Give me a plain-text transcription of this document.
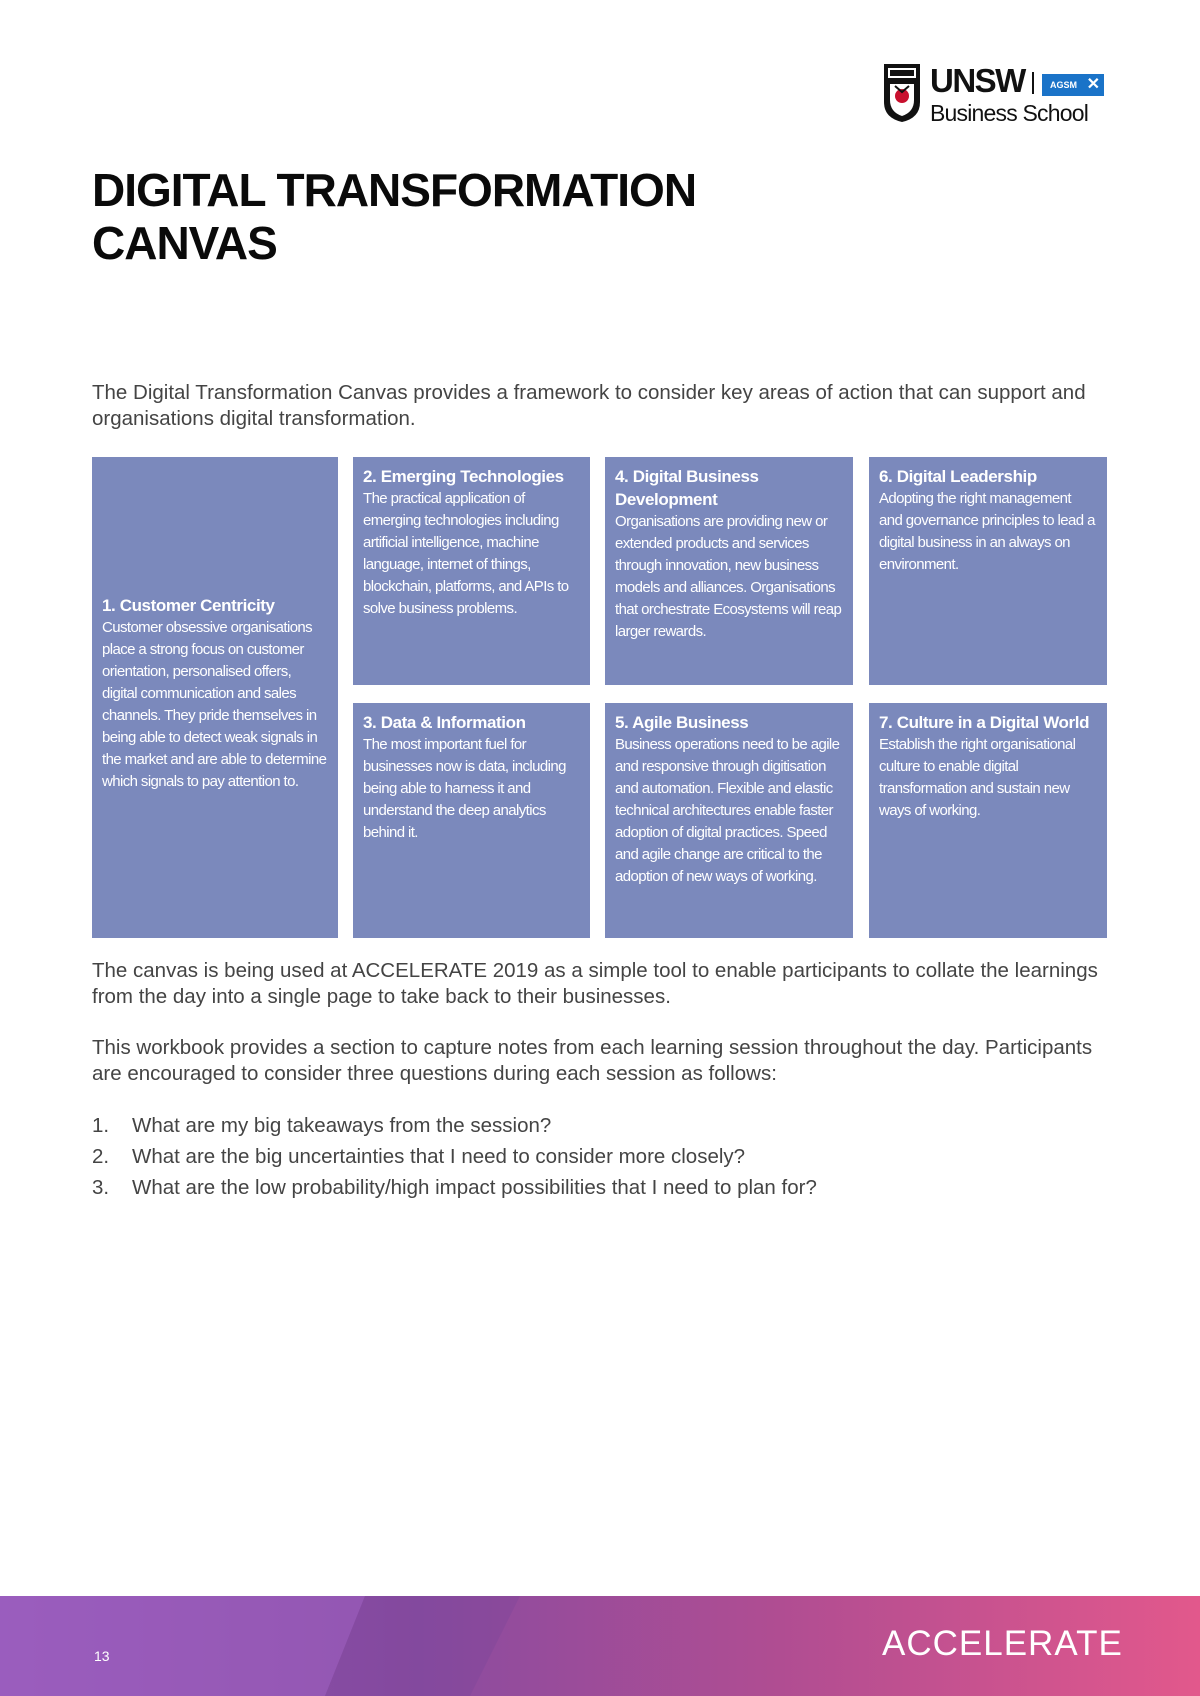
UNSW	AGSM ✕
Business School
DIGITAL TRANSFORMATION
CANVAS
The Digital Transformation Canvas provides a framework to consider key areas of action that can support and organisations digital transformation.
1. Customer Centricity
Customer obsessive organisations place a strong focus on customer orientation, personalised offers, digital communication and sales channels. They pride themselves in being able to detect weak signals in the market and are able to determine which signals to pay attention to.
2. Emerging Technologies
The practical application of emerging technologies including artificial intelligence, machine language, internet of things, blockchain, platforms, and APIs to solve business problems.
3. Data & Information
The most important fuel for businesses now is data, including being able to harness it and understand the deep analytics behind it.
4. Digital Business Development
Organisations are providing new or extended products and services through innovation, new business models and alliances. Organisations that orchestrate Ecosystems will reap larger rewards.
5. Agile Business
Business operations need to be agile and responsive through digitisation and automation. Flexible and elastic technical architectures enable faster adoption of digital practices. Speed and agile change are critical to the adoption of new ways of working.
6. Digital Leadership
Adopting the right management and governance principles to lead a digital business in an always on environment.
7. Culture in a Digital World
Establish the right organisational culture to enable digital transformation and sustain new ways of working.
The canvas is being used at ACCELERATE 2019 as a simple tool to enable participants to collate the learnings from the day into a single page to take back to their businesses.
This workbook provides a section to capture notes from each learning session throughout the day. Participants are encouraged to consider three questions during each session as follows:
1. What are my big takeaways from the session?
2. What are the big uncertainties that I need to consider more closely?
3. What are the low probability/high impact possibilities that I need to plan for?
13	ACCELERATE
